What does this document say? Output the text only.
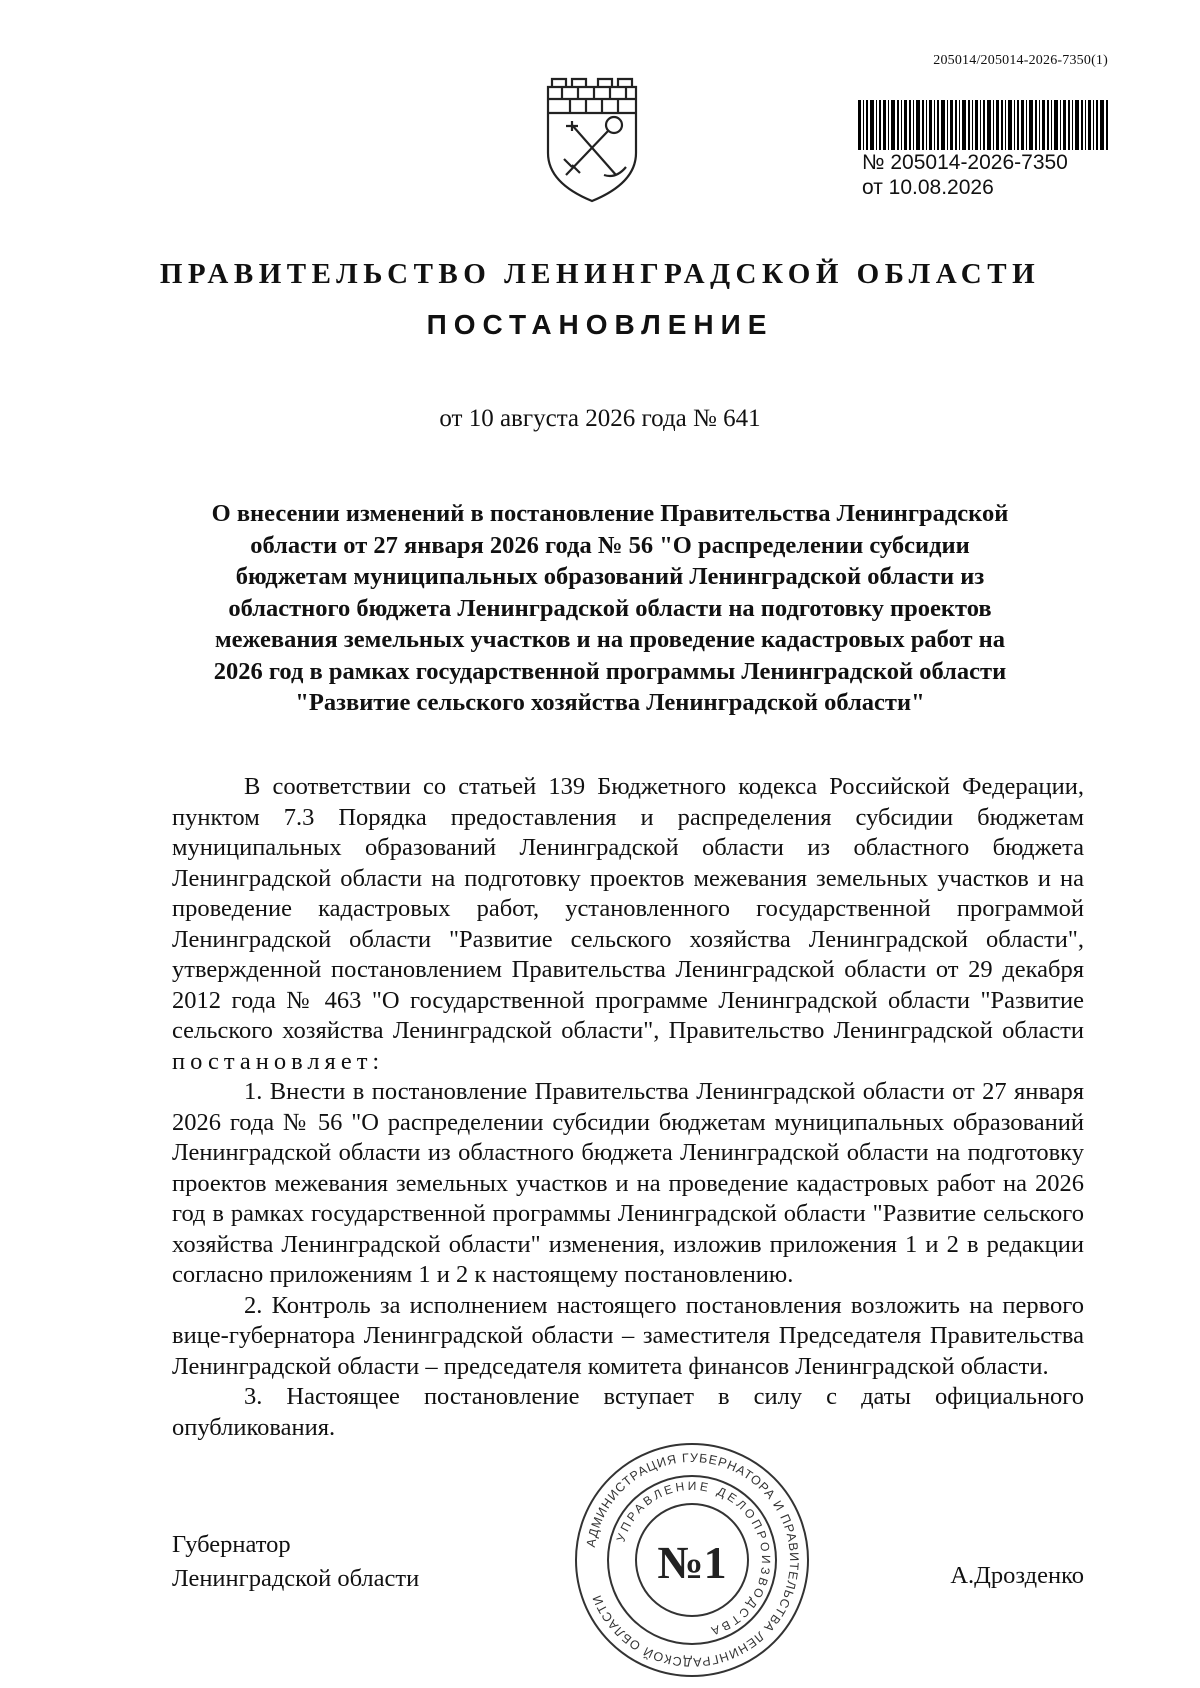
205014/205014-2026-7350(1)
№ 205014-2026-7350
от 10.08.2026
ПРАВИТЕЛЬСТВО ЛЕНИНГРАДСКОЙ ОБЛАСТИ
ПОСТАНОВЛЕНИЕ
от 10 августа 2026 года № 641
О внесении изменений в постановление Правительства Ленинградской области от 27 января 2026 года № 56 "О распределении субсидии бюджетам муниципальных образований Ленинградской области из областного бюджета Ленинградской области на подготовку проектов межевания земельных участков и на проведение кадастровых работ на 2026 год в рамках государственной программы Ленинградской области "Развитие сельского хозяйства Ленинградской области"

В соответствии со статьей 139 Бюджетного кодекса Российской Федерации, пунктом 7.3 Порядка предоставления и распределения субсидии бюджетам муниципальных образований Ленинградской области из областного бюджета Ленинградской области на подготовку проектов межевания земельных участков и на проведение кадастровых работ, установленного государственной программой Ленинградской области "Развитие сельского хозяйства Ленинградской области", утвержденной постановлением Правительства Ленинградской области от 29 декабря 2012 года № 463 "О государственной программе Ленинградской области "Развитие сельского хозяйства Ленинградской области", Правительство Ленинградской области постановляет:

1. Внести в постановление Правительства Ленинградской области от 27 января 2026 года № 56 "О распределении субсидии бюджетам муниципальных образований Ленинградской области из областного бюджета Ленинградской области на подготовку проектов межевания земельных участков и на проведение кадастровых работ на 2026 год в рамках государственной программы Ленинградской области "Развитие сельского хозяйства Ленинградской области" изменения, изложив приложения 1 и 2 в редакции согласно приложениям 1 и 2 к настоящему постановлению.

2. Контроль за исполнением настоящего постановления возложить на первого вице-губернатора Ленинградской области – заместителя Председателя Правительства Ленинградской области – председателя комитета финансов Ленинградской области.

3. Настоящее постановление вступает в силу с даты официального опубликования.

Губернатор
Ленинградской области	А.Дрозденко
АДМИНИСТРАЦИЯ ГУБЕРНАТОРА И ПРАВИТЕЛЬСТВА ЛЕНИНГРАДСКОЙ ОБЛАСТИ
УПРАВЛЕНИЕ ДЕЛОПРОИЗВОДСТВА
№1
